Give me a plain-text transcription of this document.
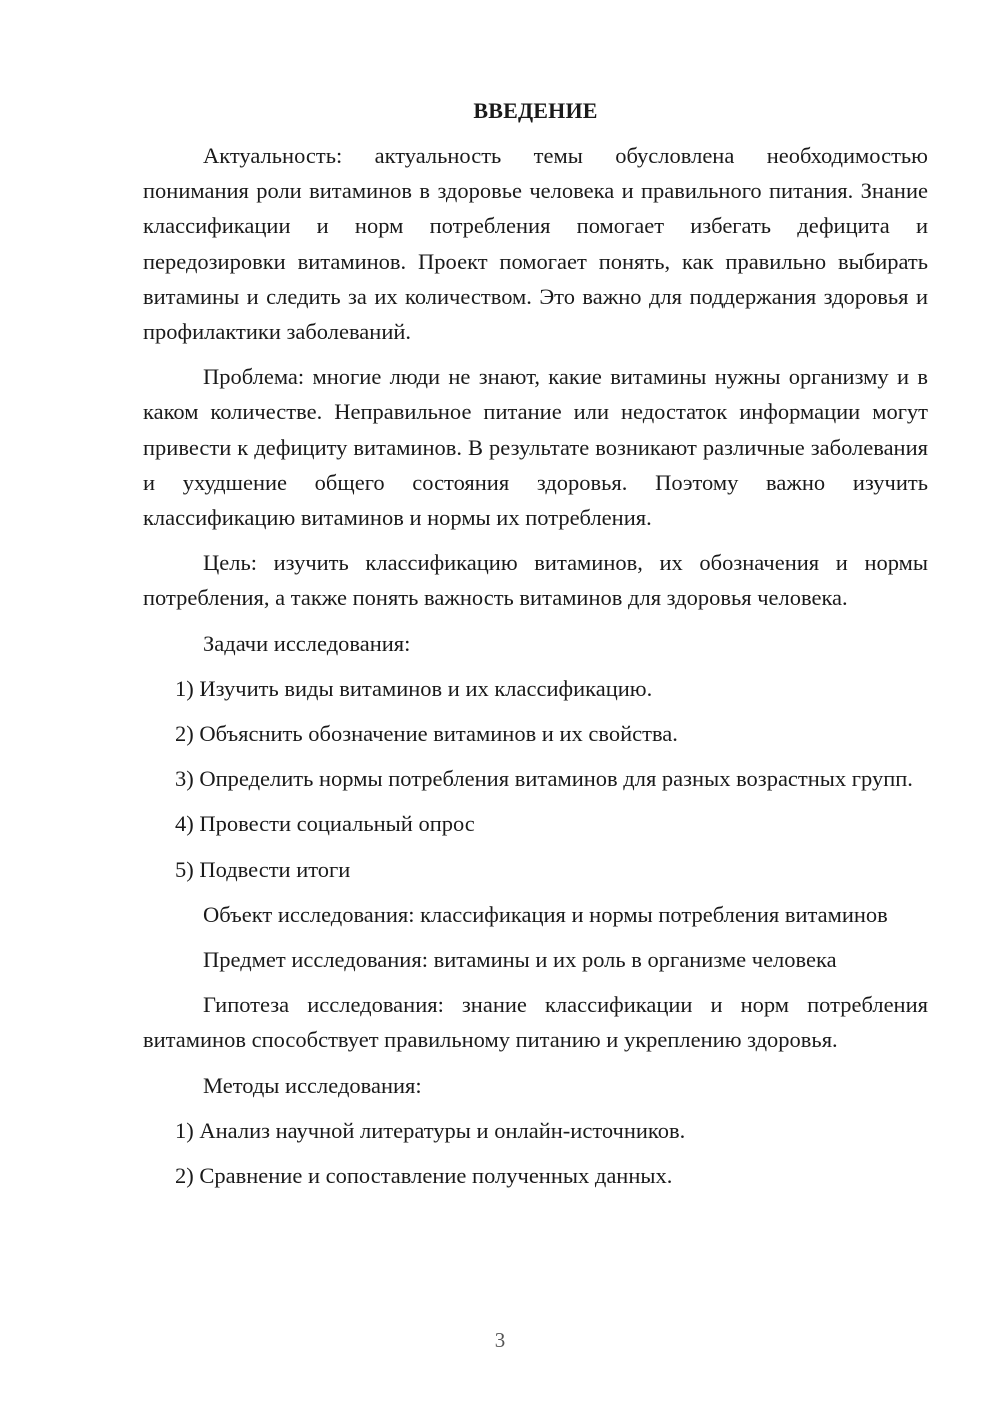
ВВЕДЕНИЕ

Актуальность: актуальность темы обусловлена необходимостью понимания роли витаминов в здоровье человека и правильного питания. Знание классификации и норм потребления помогает избегать дефицита и передозировки витаминов. Проект помогает понять, как правильно выбирать витамины и следить за их количеством. Это важно для поддержания здоровья и профилактики заболеваний.

Проблема: многие люди не знают, какие витамины нужны организму и в каком количестве. Неправильное питание или недостаток информации могут привести к дефициту витаминов. В результате возникают различные заболевания и ухудшение общего состояния здоровья. Поэтому важно изучить классификацию витаминов и нормы их потребления.

Цель: изучить классификацию витаминов, их обозначения и нормы потребления, а также понять важность витаминов для здоровья человека.

Задачи исследования:

1) Изучить виды витаминов и их классификацию.

2) Объяснить обозначение витаминов и их свойства.

3) Определить нормы потребления витаминов для разных возрастных групп.

4) Провести социальный опрос

5) Подвести итоги

Объект исследования: классификация и нормы потребления витаминов

Предмет исследования: витамины и их роль в организме человека

Гипотеза исследования: знание классификации и норм потребления витаминов способствует правильному питанию и укреплению здоровья.

Методы исследования:

1) Анализ научной литературы и онлайн-источников.

2) Сравнение и сопоставление полученных данных.

3
